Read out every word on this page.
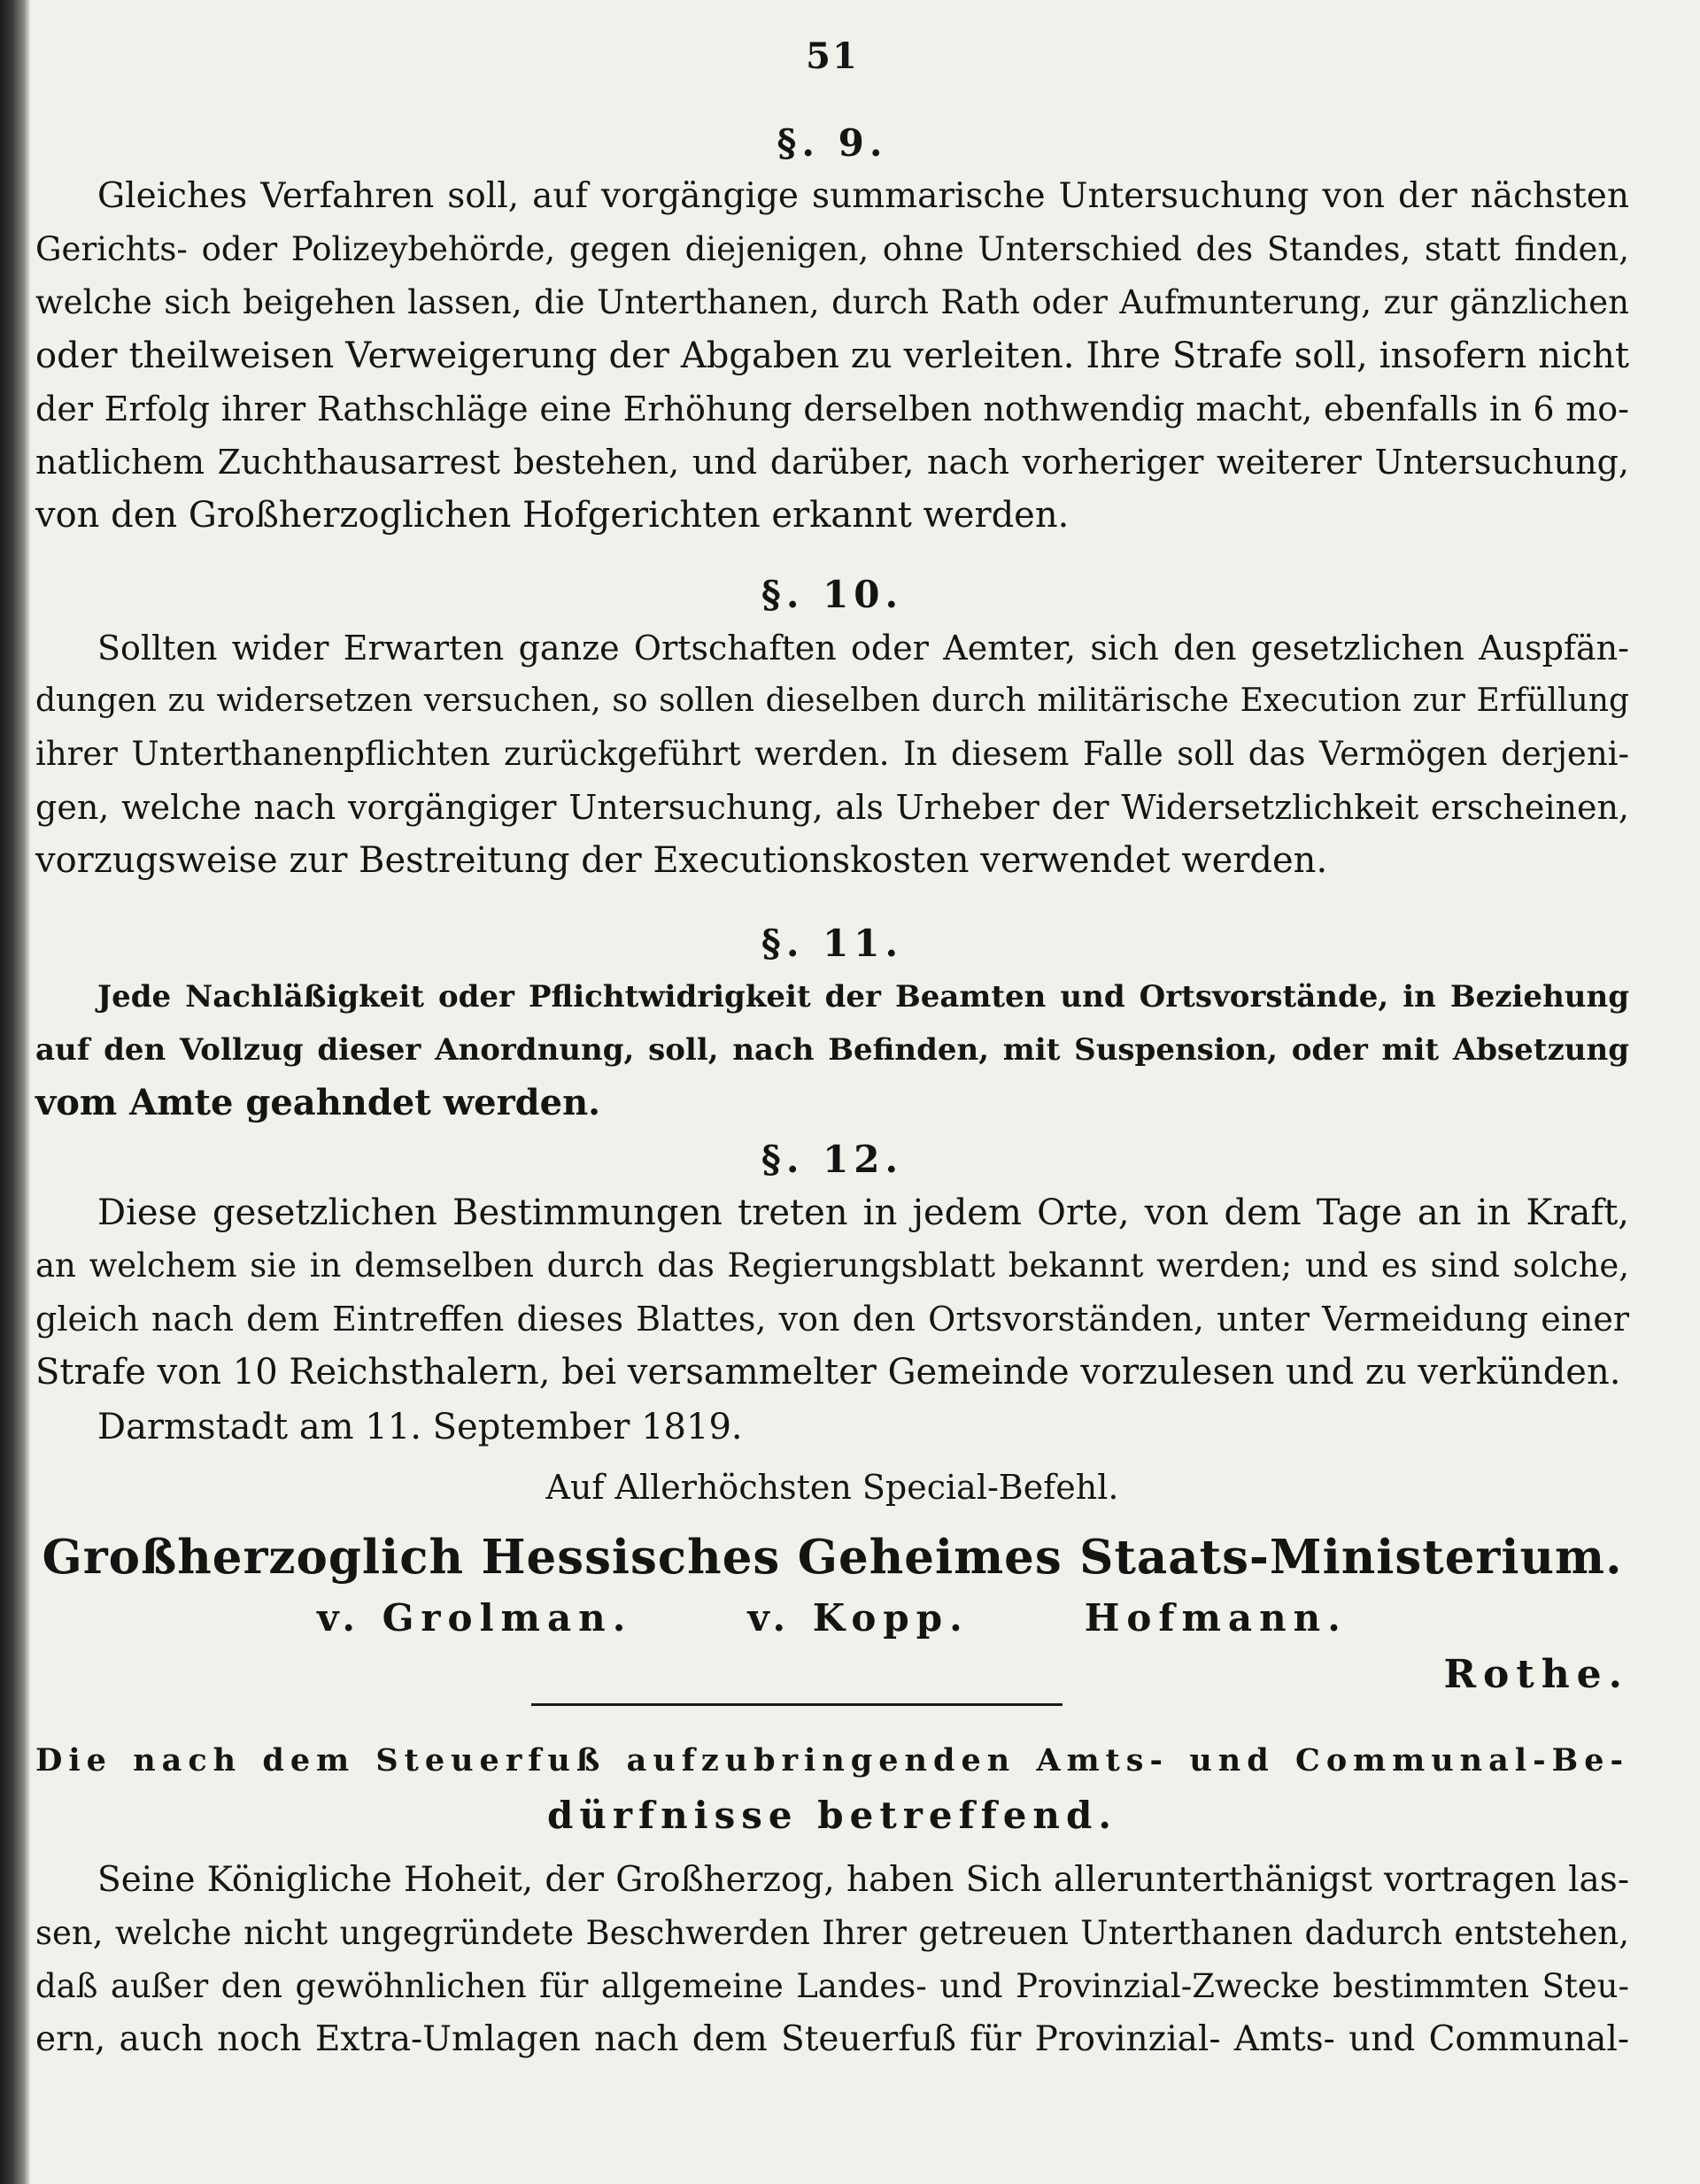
51
§. 9.
Gleiches Verfahren soll, auf vorgängige summarische Untersuchung von der nächsten
Gerichts- oder Polizeybehörde, gegen diejenigen, ohne Unterschied des Standes, statt finden,
welche sich beigehen lassen, die Unterthanen, durch Rath oder Aufmunterung, zur gänzlichen
oder theilweisen Verweigerung der Abgaben zu verleiten. Ihre Strafe soll, insofern nicht
der Erfolg ihrer Rathschläge eine Erhöhung derselben nothwendig macht, ebenfalls in 6 mo-
natlichem Zuchthausarrest bestehen, und darüber, nach vorheriger weiterer Untersuchung,
von den Großherzoglichen Hofgerichten erkannt werden.
§. 10.
Sollten wider Erwarten ganze Ortschaften oder Aemter, sich den gesetzlichen Auspfän-
dungen zu widersetzen versuchen, so sollen dieselben durch militärische Execution zur Erfüllung
ihrer Unterthanenpflichten zurückgeführt werden. In diesem Falle soll das Vermögen derjeni-
gen, welche nach vorgängiger Untersuchung, als Urheber der Widersetzlichkeit erscheinen,
vorzugsweise zur Bestreitung der Executionskosten verwendet werden.
§. 11.
Jede Nachläßigkeit oder Pflichtwidrigkeit der Beamten und Ortsvorstände, in Beziehung
auf den Vollzug dieser Anordnung, soll, nach Befinden, mit Suspension, oder mit Absetzung
vom Amte geahndet werden.
§. 12.
Diese gesetzlichen Bestimmungen treten in jedem Orte, von dem Tage an in Kraft,
an welchem sie in demselben durch das Regierungsblatt bekannt werden; und es sind solche,
gleich nach dem Eintreffen dieses Blattes, von den Ortsvorständen, unter Vermeidung einer
Strafe von 10 Reichsthalern, bei versammelter Gemeinde vorzulesen und zu verkünden.
Darmstadt am 11. September 1819.
Auf Allerhöchsten Special-Befehl.
Großherzoglich Hessisches Geheimes Staats-Ministerium.
v. Grolman.	v. Kopp.	Hofmann.
Rothe.
Die nach dem Steuerfuß aufzubringenden Amts- und Communal-Be-
dürfnisse betreffend.
Seine Königliche Hoheit, der Großherzog, haben Sich allerunterthänigst vortragen las-
sen, welche nicht ungegründete Beschwerden Ihrer getreuen Unterthanen dadurch entstehen,
daß außer den gewöhnlichen für allgemeine Landes- und Provinzial-Zwecke bestimmten Steu-
ern, auch noch Extra-Umlagen nach dem Steuerfuß für Provinzial- Amts- und Communal-
